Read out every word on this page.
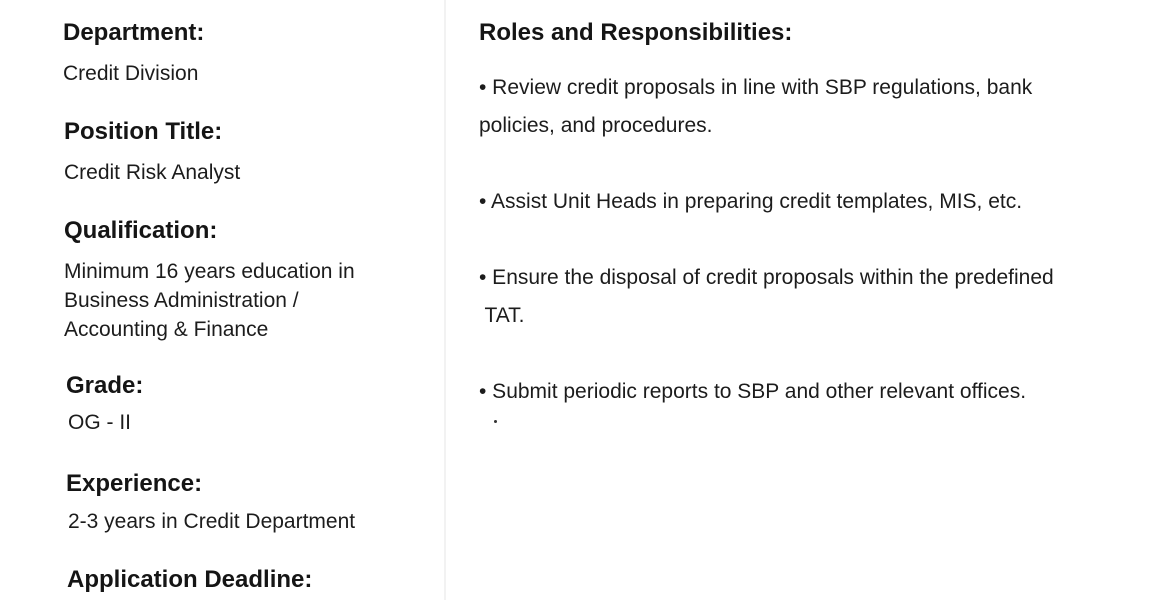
Department:
Credit Division
Position Title:
Credit Risk Analyst
Qualification:
Minimum 16 years education in
Business Administration /
Accounting & Finance
Grade:
OG - II
Experience:
2-3 years in Credit Department
Application Deadline:
Roles and Responsibilities:
• Review credit proposals in line with SBP regulations, bank
policies, and procedures.
• Assist Unit Heads in preparing credit templates, MIS, etc.
• Ensure the disposal of credit proposals within the predefined
TAT.
• Submit periodic reports to SBP and other relevant offices.
